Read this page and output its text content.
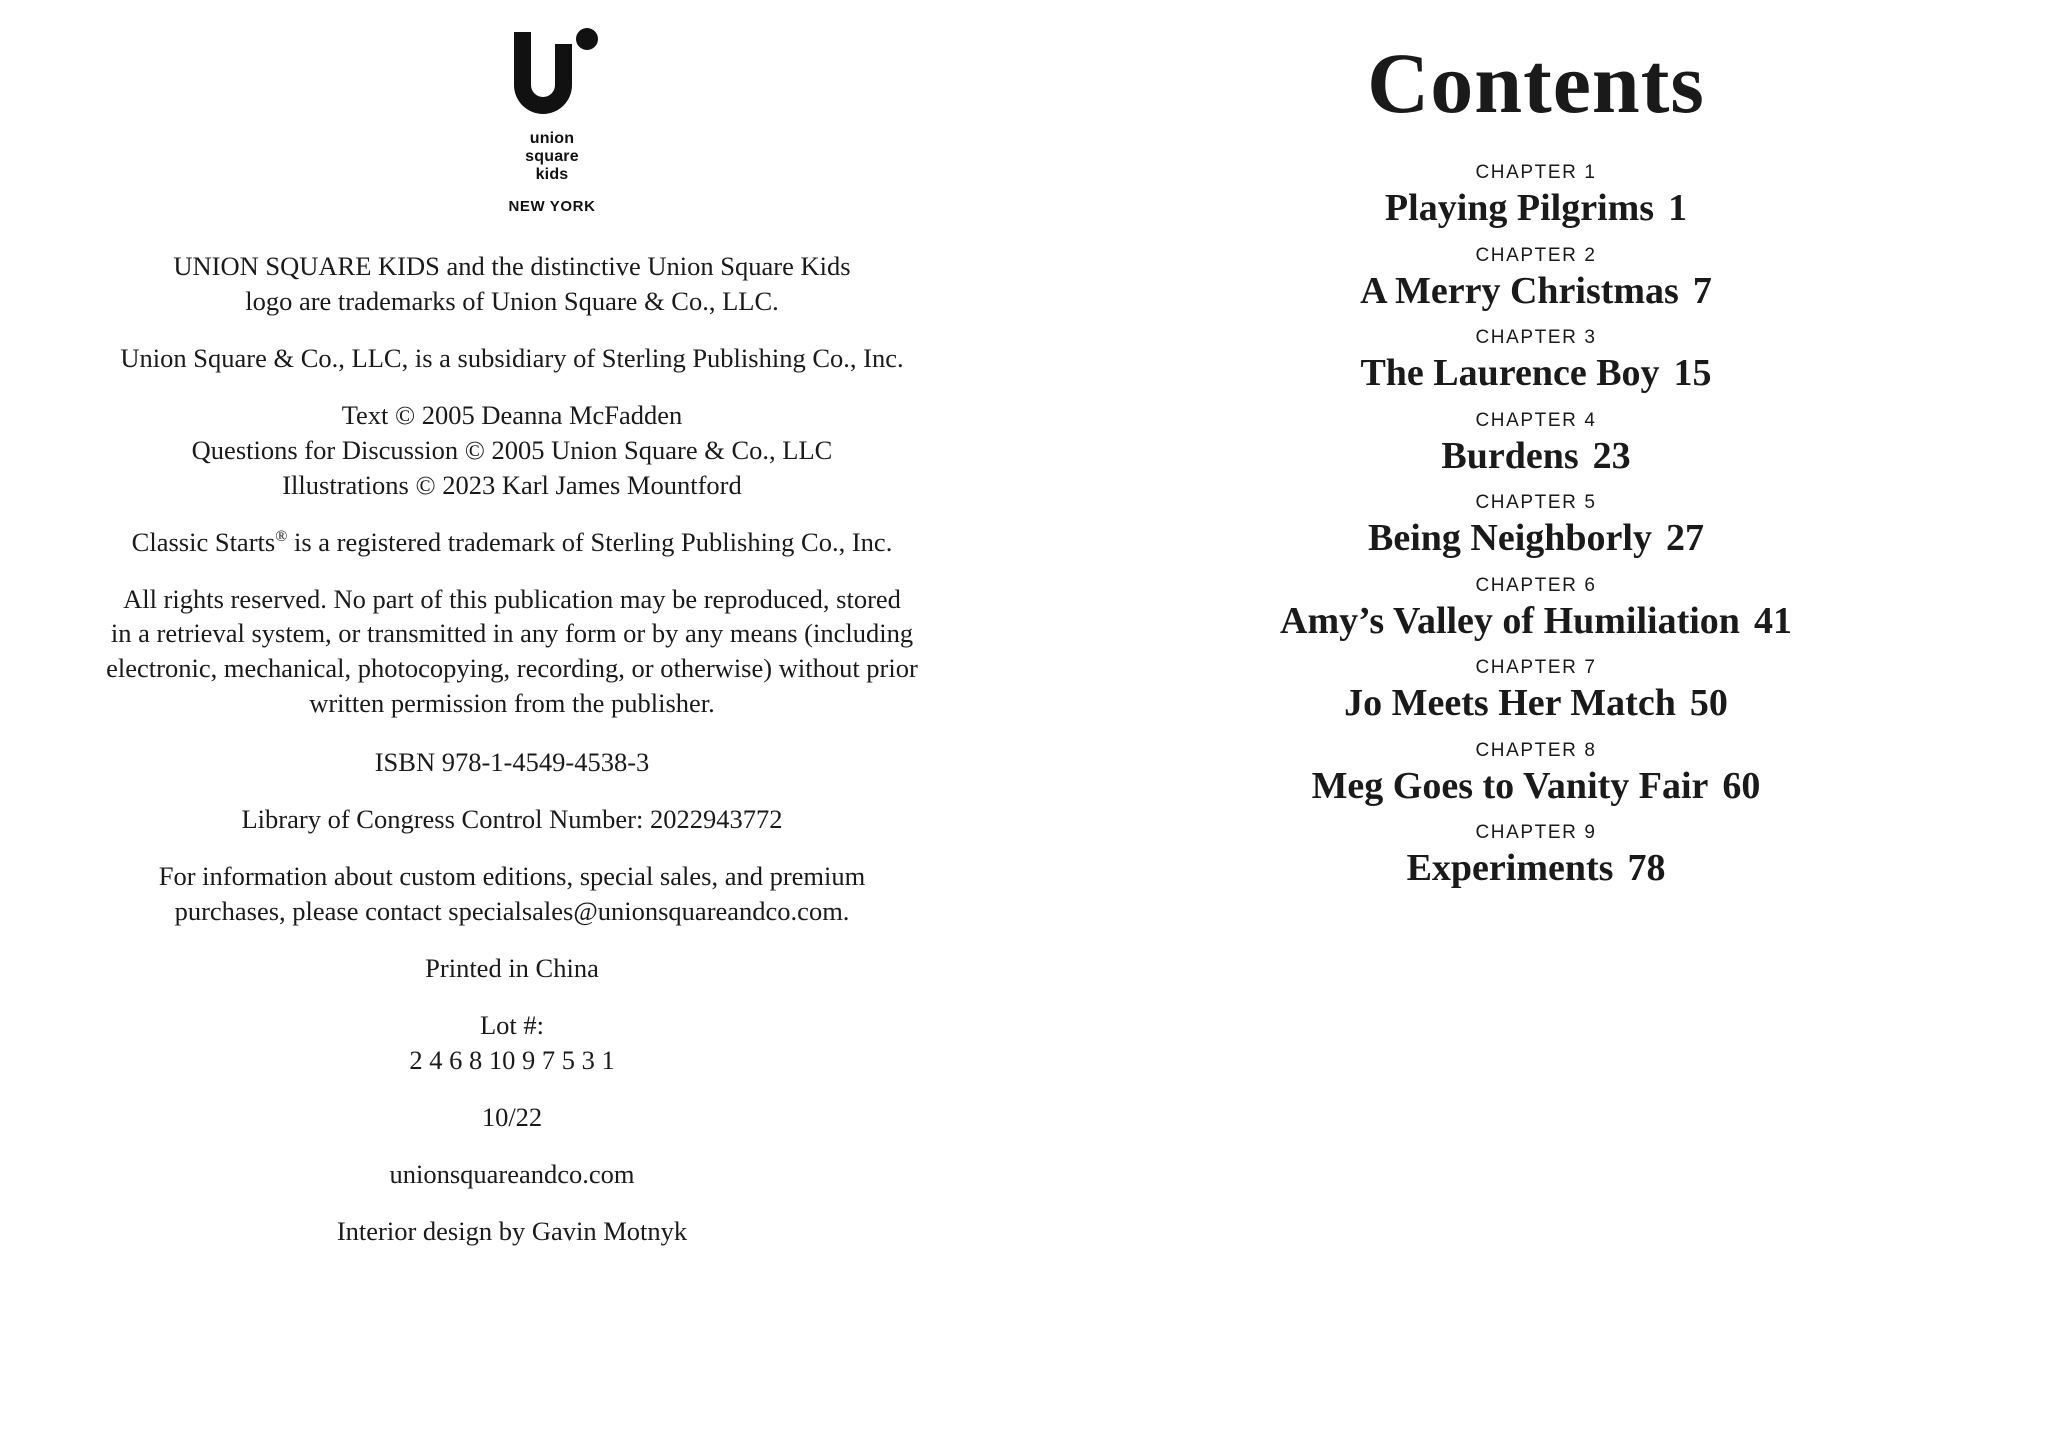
union
square
kids
NEW YORK

UNION SQUARE KIDS and the distinctive Union Square Kids
logo are trademarks of Union Square & Co., LLC.

Union Square & Co., LLC, is a subsidiary of Sterling Publishing Co., Inc.

Text © 2005 Deanna McFadden
Questions for Discussion © 2005 Union Square & Co., LLC
Illustrations © 2023 Karl James Mountford

Classic Starts® is a registered trademark of Sterling Publishing Co., Inc.

All rights reserved. No part of this publication may be reproduced, stored
in a retrieval system, or transmitted in any form or by any means (including
electronic, mechanical, photocopying, recording, or otherwise) without prior
written permission from the publisher.

ISBN 978-1-4549-4538-3

Library of Congress Control Number: 2022943772

For information about custom editions, special sales, and premium
purchases, please contact specialsales@unionsquareandco.com.

Printed in China

Lot #:
2 4 6 8 10 9 7 5 3 1

10/22

unionsquareandco.com

Interior design by Gavin Motnyk

Contents
CHAPTER 1
Playing Pilgrims 1
CHAPTER 2
A Merry Christmas 7
CHAPTER 3
The Laurence Boy 15
CHAPTER 4
Burdens 23
CHAPTER 5
Being Neighborly 27
CHAPTER 6
Amy’s Valley of Humiliation 41
CHAPTER 7
Jo Meets Her Match 50
CHAPTER 8
Meg Goes to Vanity Fair 60
CHAPTER 9
Experiments 78
